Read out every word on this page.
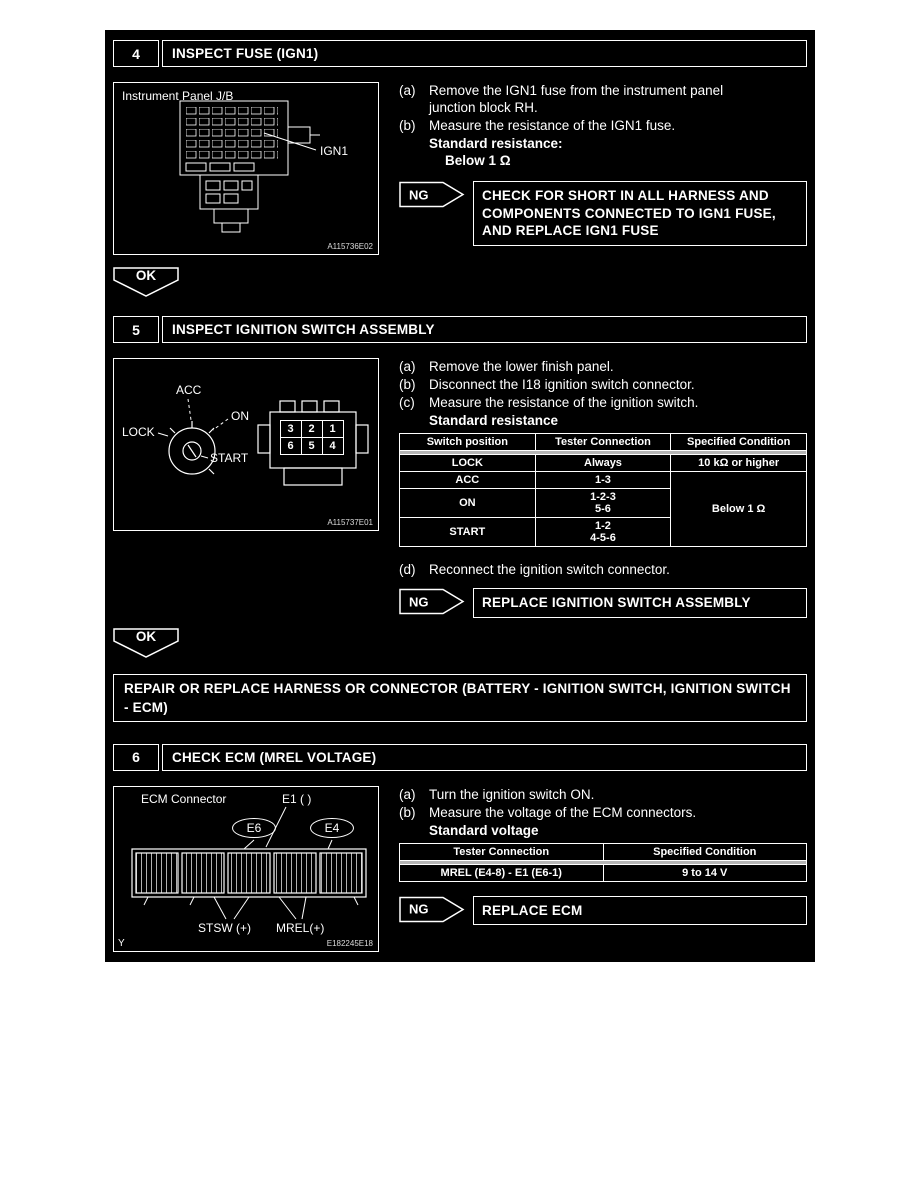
4	INSPECT FUSE (IGN1)
Instrument Panel J/B
IGN1
A115736E02
(a)	Remove the IGN1 fuse from the instrument panel junction block RH.
(b)	Measure the resistance of the IGN1 fuse.
Standard resistance:
Below 1 Ω
NG	CHECK FOR SHORT IN ALL HARNESS AND COMPONENTS CONNECTED TO IGN1 FUSE, AND REPLACE IGN1 FUSE
OK
5	INSPECT IGNITION SWITCH ASSEMBLY
ACC
ON
LOCK
START
3	2	1
6	5	4
A115737E01
(a)	Remove the lower finish panel.
(b)	Disconnect the I18 ignition switch connector.
(c)	Measure the resistance of the ignition switch.
Standard resistance
Switch position	Tester Connection	Specified Condition

LOCK	Always	10 kΩ or higher
ACC	1-3	Below 1 Ω
ON	1-2-3
5-6	

START	1-2
4-5-6	
(d)	Reconnect the ignition switch connector.
NG	REPLACE IGNITION SWITCH ASSEMBLY
OK
REPAIR OR REPLACE HARNESS OR CONNECTOR (BATTERY - IGNITION SWITCH, IGNITION SWITCH - ECM)
6	CHECK ECM (MREL VOLTAGE)
ECM Connector	E1 ( )
E6	E4
STSW (+) MREL(+)
E182245E18
Y
(a)	Turn the ignition switch ON.
(b)	Measure the voltage of the ECM connectors.
Standard voltage
Tester Connection	Specified Condition

MREL (E4-8) - E1 (E6-1)	9 to 14 V
NG	REPLACE ECM
